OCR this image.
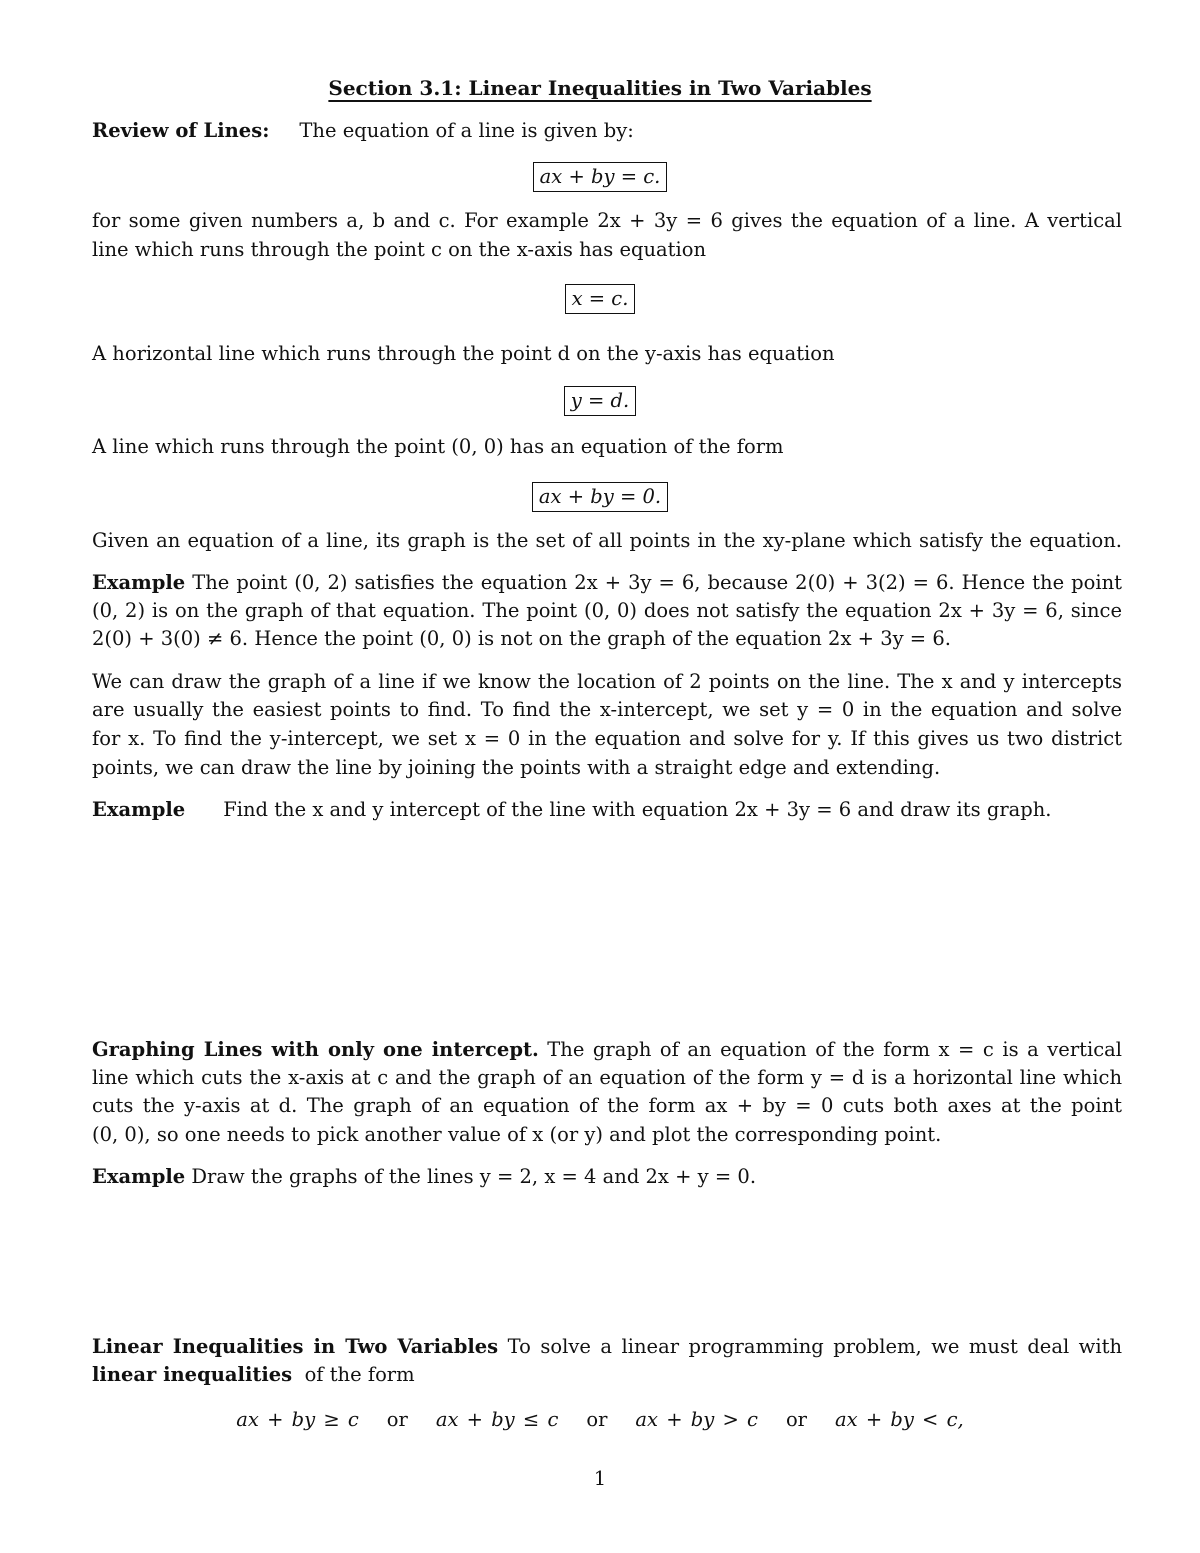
Section 3.1: Linear Inequalities in Two Variables
Review of Lines: The equation of a line is given by:
ax + by = c.
for some given numbers a, b and c. For example 2x + 3y = 6 gives the equation of a line. A vertical
line which runs through the point c on the x-axis has equation
x = c.
A horizontal line which runs through the point d on the y-axis has equation
y = d.
A line which runs through the point (0, 0) has an equation of the form
ax + by = 0.
Given an equation of a line, its graph is the set of all points in the xy-plane which satisfy the equation.
Example The point (0, 2) satisfies the equation 2x + 3y = 6, because 2(0) + 3(2) = 6. Hence the point
(0, 2) is on the graph of that equation. The point (0, 0) does not satisfy the equation 2x + 3y = 6, since
2(0) + 3(0) ≠ 6. Hence the point (0, 0) is not on the graph of the equation 2x + 3y = 6.
We can draw the graph of a line if we know the location of 2 points on the line. The x and y intercepts
are usually the easiest points to find. To find the x-intercept, we set y = 0 in the equation and solve
for x. To find the y-intercept, we set x = 0 in the equation and solve for y. If this gives us two district
points, we can draw the line by joining the points with a straight edge and extending.
Example Find the x and y intercept of the line with equation 2x + 3y = 6 and draw its graph.
Graphing Lines with only one intercept. The graph of an equation of the form x = c is a vertical
line which cuts the x-axis at c and the graph of an equation of the form y = d is a horizontal line which
cuts the y-axis at d. The graph of an equation of the form ax + by = 0 cuts both axes at the point
(0, 0), so one needs to pick another value of x (or y) and plot the corresponding point.
Example Draw the graphs of the lines y = 2, x = 4 and 2x + y = 0.
Linear Inequalities in Two Variables To solve a linear programming problem, we must deal with
linear inequalities of the form
ax + by ≥ c or ax + by ≤ c or ax + by > c or ax + by < c,
1
